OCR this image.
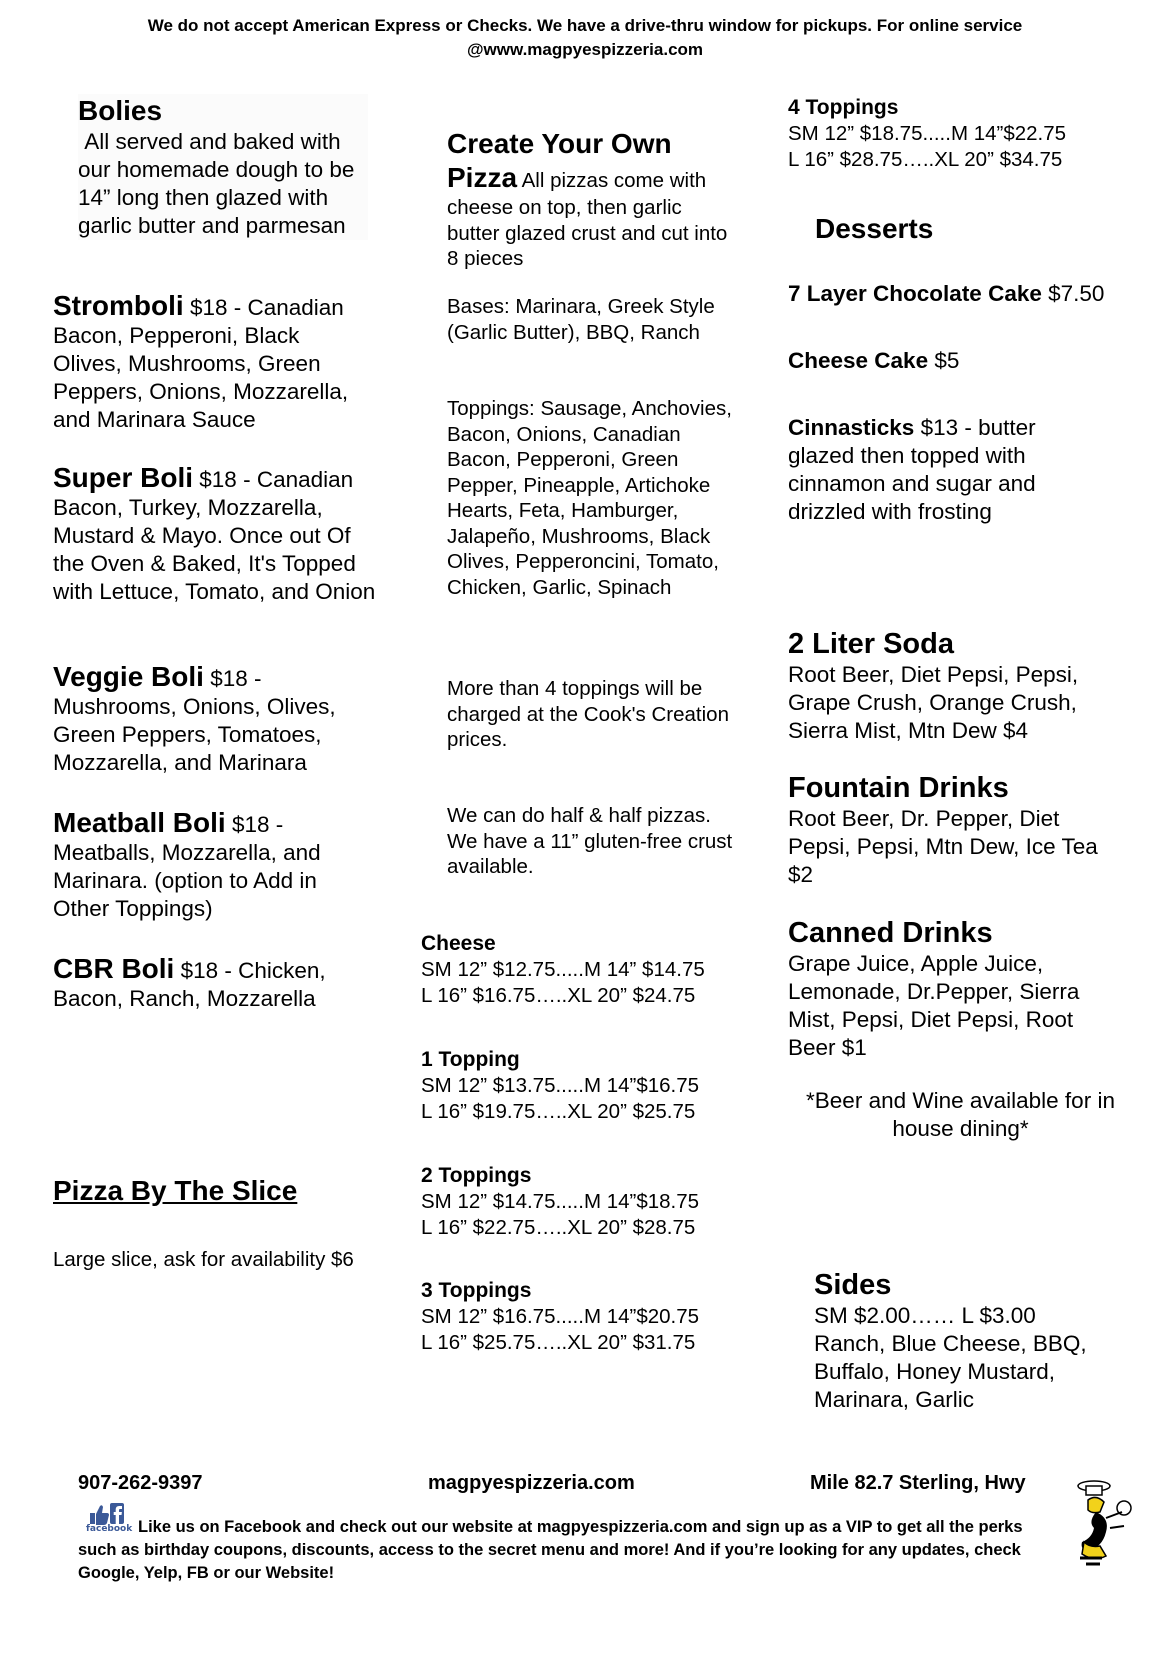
We do not accept American Express or Checks. We have a drive-thru window for pickups. For online service
@www.magpyespizzeria.com
Bolies
All served and baked with our homemade dough to be 14” long then glazed with garlic butter and parmesan
Stromboli $18 - Canadian Bacon, Pepperoni, Black Olives, Mushrooms, Green Peppers, Onions, Mozzarella, and Marinara Sauce
Super Boli $18 - Canadian Bacon, Turkey, Mozzarella, Mustard & Mayo. Once out Of the Oven & Baked, It's Topped with Lettuce, Tomato, and Onion
Veggie Boli $18 - Mushrooms, Onions, Olives, Green Peppers, Tomatoes, Mozzarella, and Marinara
Meatball Boli $18 - Meatballs, Mozzarella, and Marinara. (option to Add in Other Toppings)
CBR Boli $18 - Chicken, Bacon, Ranch, Mozzarella
Pizza By The Slice
Large slice, ask for availability $6
Create Your Own
Pizza All pizzas come with cheese on top, then garlic butter glazed crust and cut into 8 pieces
Bases: Marinara, Greek Style (Garlic Butter), BBQ, Ranch
Toppings: Sausage, Anchovies, Bacon, Onions, Canadian Bacon, Pepperoni, Green Pepper, Pineapple, Artichoke Hearts, Feta, Hamburger, Jalapeño, Mushrooms, Black Olives, Pepperoncini, Tomato, Chicken, Garlic, Spinach
More than 4 toppings will be charged at the Cook's Creation prices.
We can do half & half pizzas. We have a 11” gluten-free crust available.
Cheese
SM 12” $12.75.....M 14” $14.75
L 16” $16.75…..XL 20” $24.75
1 Topping
SM 12” $13.75.....M 14”$16.75
L 16” $19.75…..XL 20” $25.75
2 Toppings
SM 12” $14.75.....M 14”$18.75
L 16” $22.75…..XL 20” $28.75
3 Toppings
SM 12” $16.75.....M 14”$20.75
L 16” $25.75…..XL 20” $31.75
4 Toppings
SM 12” $18.75.....M 14”$22.75
L 16” $28.75…..XL 20” $34.75
Desserts
7 Layer Chocolate Cake $7.50
Cheese Cake $5
Cinnasticks $13 - butter glazed then topped with cinnamon and sugar and drizzled with frosting
2 Liter Soda
Root Beer, Diet Pepsi, Pepsi, Grape Crush, Orange Crush, Sierra Mist, Mtn Dew $4
Fountain Drinks
Root Beer, Dr. Pepper, Diet Pepsi, Pepsi, Mtn Dew, Ice Tea $2
Canned Drinks
Grape Juice, Apple Juice, Lemonade, Dr.Pepper, Sierra Mist, Pepsi, Diet Pepsi, Root Beer $1
*Beer and Wine available for in house dining*
Sides
SM $2.00…… L $3.00
Ranch, Blue Cheese, BBQ, Buffalo, Honey Mustard, Marinara, Garlic
907-262-9397	magpyespizzeria.com	Mile 82.7 Sterling, Hwy
facebook Like us on Facebook and check out our website at magpyespizzeria.com and sign up as a VIP to get all the perks such as birthday coupons, discounts, access to the secret menu and more! And if you’re looking for any updates, check Google, Yelp, FB or our Website!
